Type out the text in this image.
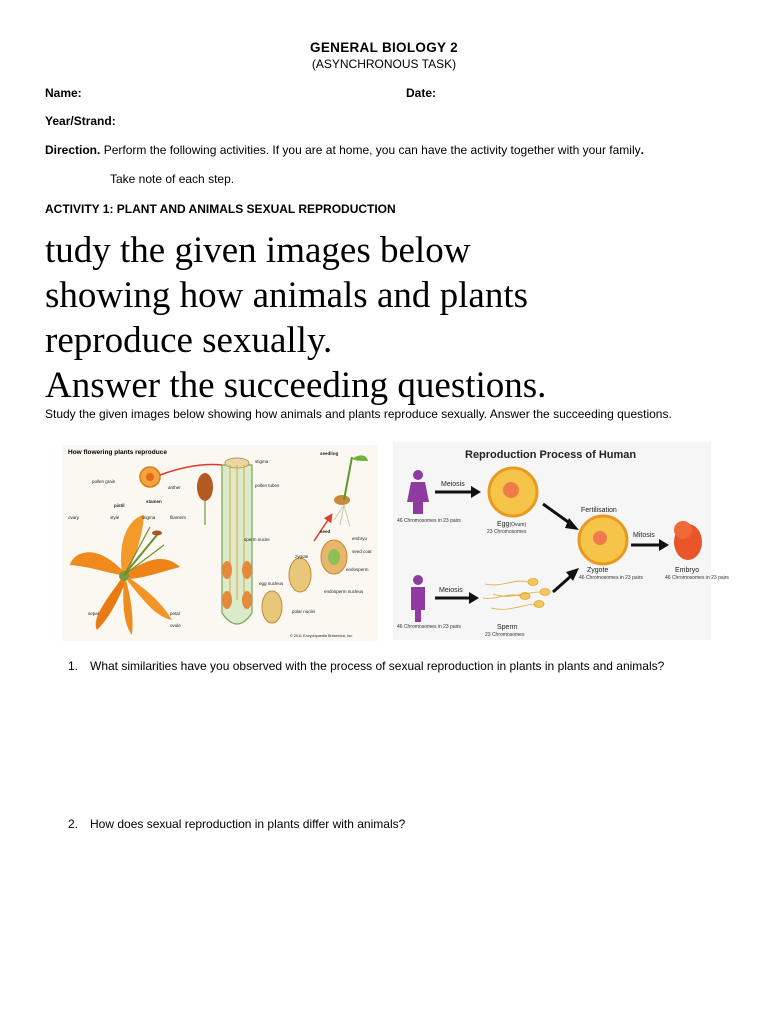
GENERAL BIOLOGY 2
(ASYNCHRONOUS TASK)
Name:	Date:
Year/Strand:
Direction. Perform the following activities. If you are at home, you can have the activity together with your family.
Take note of each step.
ACTIVITY 1: PLANT AND ANIMALS SEXUAL REPRODUCTION
tudy the given images below
showing how animals and plants
reproduce sexually.
Answer the succeeding questions.
Study the given images below showing how animals and plants reproduce sexually. Answer the succeeding questions.
How flowering plants reproduce
pollen grain
anther
stigma
pollen tubes
pistil
stamen
ovary	style	stigma	filament
sperm nuclei
egg nucleus
zygote
seed
embryo
seed coat
endosperm
endosperm nucleus
polar nuclei
sepal	petal
ovule
seedling
© 2011 Encyclopædia Britannica, Inc.
Reproduction Process of Human
46 Chromosomes in 23 pairs
Meiosis
Egg(Ovum)
23 Chromosomes
Fertilisation
Zygote
46 Chromosomes in 23 pairs
Mitosis
Embryo
46 Chromosomes in 23 pairs
46 Chromosomes in 23 pairs
Meiosis
Sperm
23 Chromosomes
1. What similarities have you observed with the process of sexual reproduction in plants in plants and animals?
2. How does sexual reproduction in plants differ with animals?
